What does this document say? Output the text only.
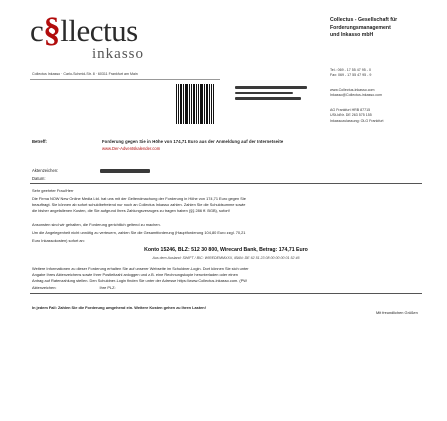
c§llectus
inkasso
Collectus - Gesellschaft für
Forderungsmanagement
und Inkasso mbH
Collectus Inkasso · Carlo-Schmid-Str. 8 · 60311 Frankfurt am Main
Tel.: 069 - 17 55 47 95 - 0
Fax: 069 - 17 55 47 95 - 9
www.Collectus-inkasso.com
Inkasso@Collectus-inkasso.com
AG Frankfurt HRB 87715
USt-IdNr. DE 263 575 155
Inkassozulassung: OLG Frankfurt
Betreff:	Forderung gegen Sie in Höhe von 174,71 Euro aus der Anmeldung auf der Internetseite
www.Der-Adventskalender.com
Aktenzeichen:
Datum:
Sehr geehrter Frau/Herr
Die Firma NOW New Online Media Ltd. hat uns mit der Geltendmachung der Forderung in Höhe von 174,71 Euro gegen Sie
beauftragt. Sie können ab sofort schuldbefreiend nur noch an Collectus Inkasso zahlen. Zahlen Sie die Schuldsumme sowie
die bisher angefallenen Kosten, die Sie aufgrund Ihres Zahlungsverzuges zu tragen haben (§§ 286 ff. BGB), sofort!
Ansonsten sind wir gehalten, die Forderung gerichtlich geltend zu machen.
Um die Angelegenheit nicht unnötig zu verteuern, zahlen Sie die Gesamtforderung (Hauptforderung 104,80 Euro zzgl. 70,21
Euro Inkassokosten) sofort an:
Konto 15246, BLZ: 512 30 800, Wirecard Bank, Betrag: 174,71 Euro
Aus dem Ausland: SWIFT / BIC: WIREDEMMXXX, IBAN: DE 62 51 23 08 00 00 00 01 52 46
Weitere Informationen zu dieser Forderung erhalten Sie auf unserer Webseite im Schuldner-Login. Dort können Sie sich unter
Angabe Ihres Aktenzeichens sowie Ihrer Postleitzahl anloggen und z.B. eine Rechnungskopie herunterladen oder einen
Antrag auf Ratenzahlung stellen. Den Schuldner-Login finden Sie unter der Adresse https://www.Collectus-inkasso.com. (PW
Aktenzeichen:	Ihre PLZ:
In jedem Fall: Zahlen Sie die Forderung umgehend ein. Weitere Kosten gehen zu Ihren Lasten!
Mit freundlichen Grüßen
